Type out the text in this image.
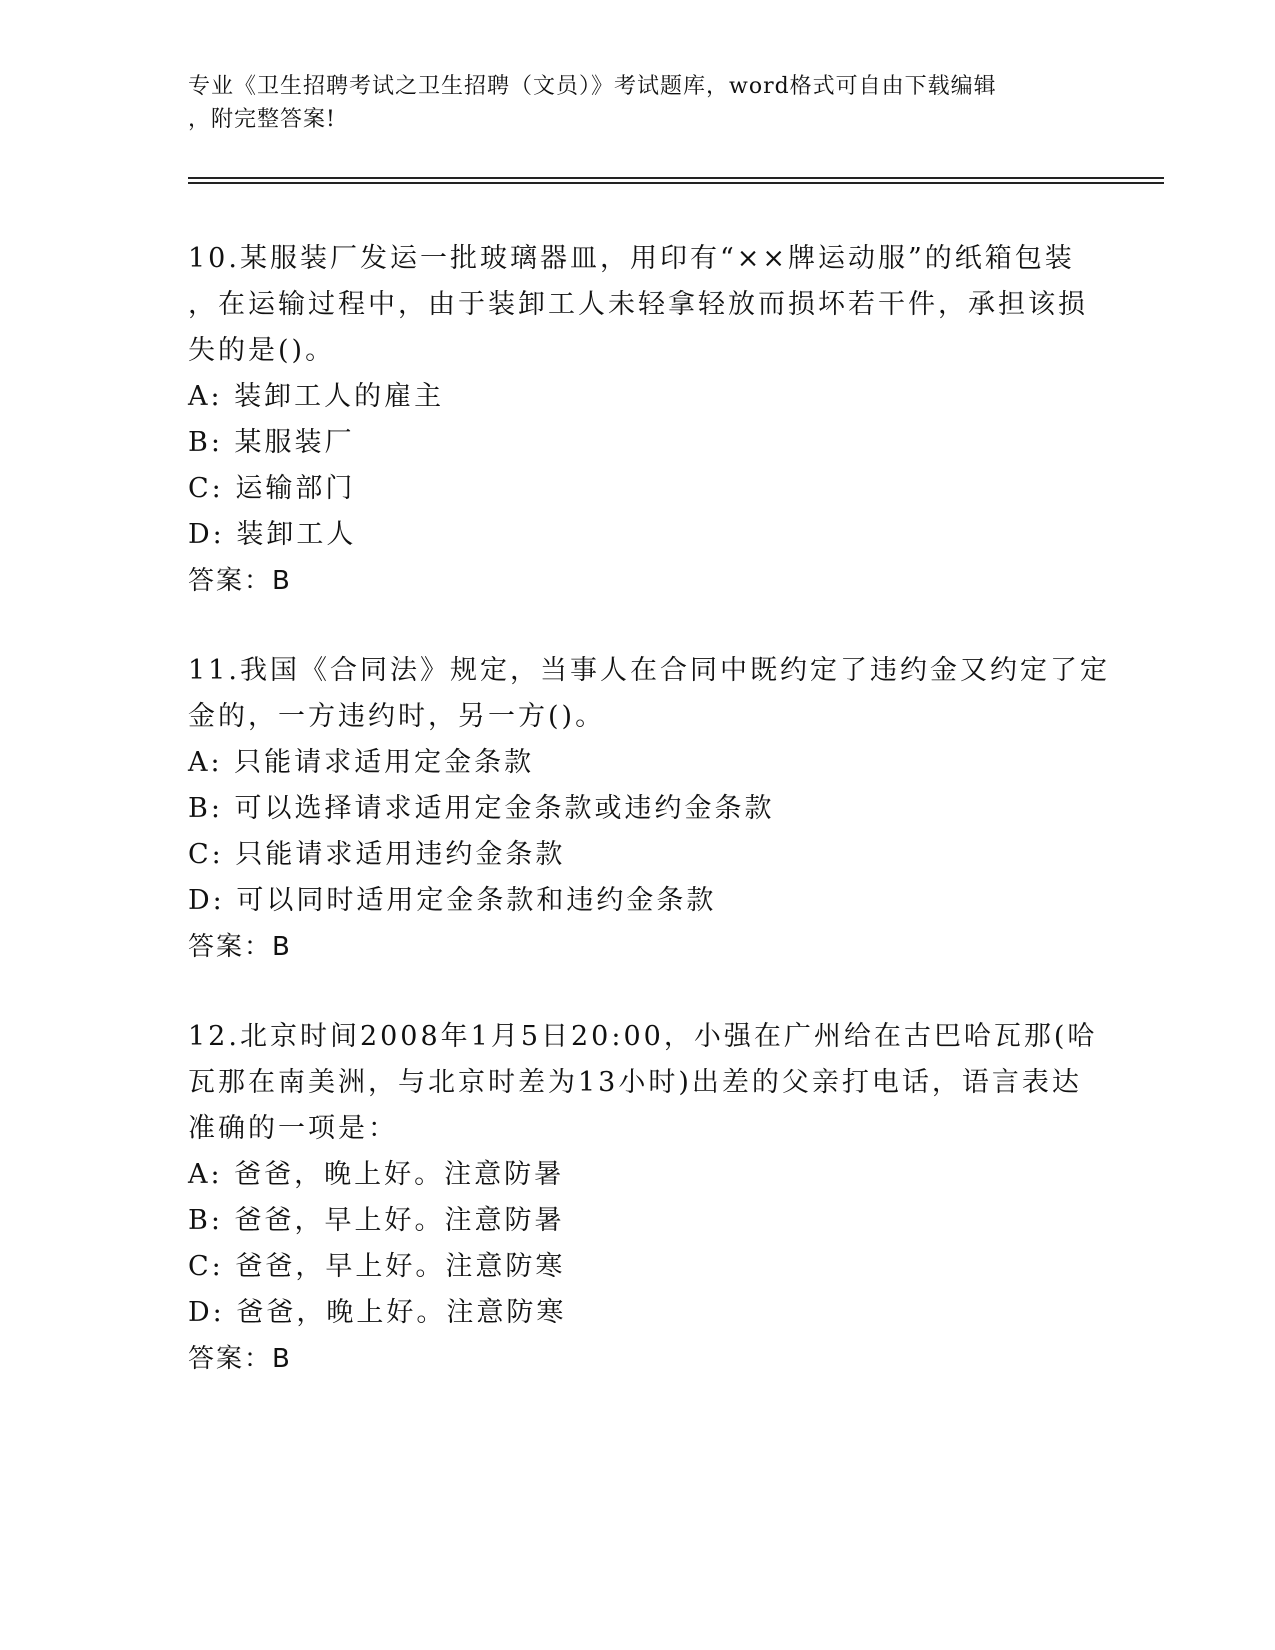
专业《卫生招聘考试之卫生招聘（文员）》考试题库，word格式可自由下载编辑
，附完整答案!
10.某服装厂发运一批玻璃器皿，用印有“××牌运动服”的纸箱包装
，在运输过程中，由于装卸工人未轻拿轻放而损坏若干件，承担该损
失的是()。
A: 装卸工人的雇主
B: 某服装厂
C: 运输部门
D: 装卸工人
答案：B
11.我国《合同法》规定，当事人在合同中既约定了违约金又约定了定
金的，一方违约时，另一方()。
A: 只能请求适用定金条款
B: 可以选择请求适用定金条款或违约金条款
C: 只能请求适用违约金条款
D: 可以同时适用定金条款和违约金条款
答案：B
12.北京时间2008年1月5日20:00，小强在广州给在古巴哈瓦那(哈
瓦那在南美洲，与北京时差为13小时)出差的父亲打电话，语言表达
准确的一项是：
A: 爸爸，晚上好。注意防暑
B: 爸爸，早上好。注意防暑
C: 爸爸，早上好。注意防寒
D: 爸爸，晚上好。注意防寒
答案：B
